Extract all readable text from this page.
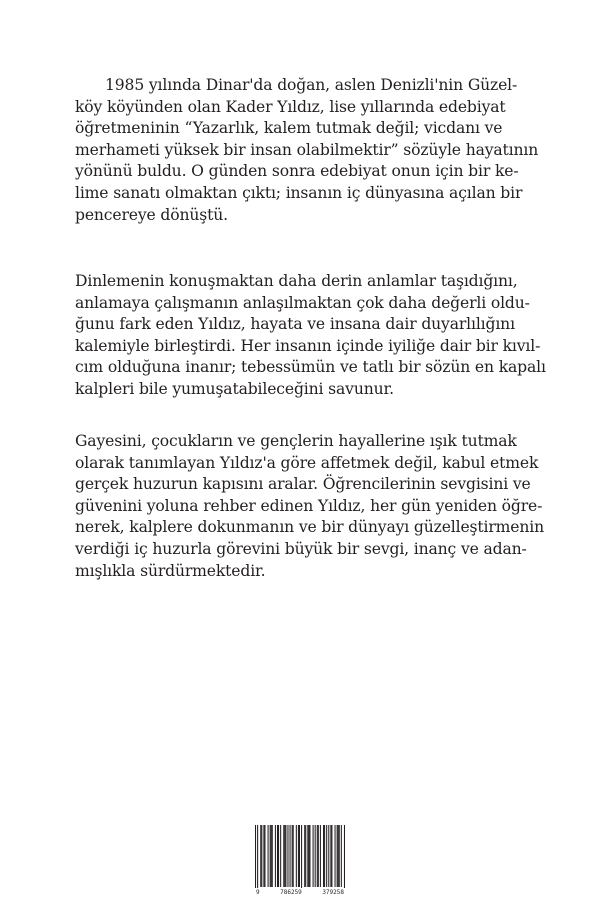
1985 yılında Dinar'da doğan, aslen Denizli'nin Güzel-
köy köyünden olan Kader Yıldız, lise yıllarında edebiyat
öğretmeninin “Yazarlık, kalem tutmak değil; vicdanı ve
merhameti yüksek bir insan olabilmektir” sözüyle hayatının
yönünü buldu. O günden sonra edebiyat onun için bir ke-
lime sanatı olmaktan çıktı; insanın iç dünyasına açılan bir
pencereye dönüştü.
Dinlemenin konuşmaktan daha derin anlamlar taşıdığını,
anlamaya çalışmanın anlaşılmaktan çok daha değerli oldu-
ğunu fark eden Yıldız, hayata ve insana dair duyarlılığını
kalemiyle birleştirdi. Her insanın içinde iyiliğe dair bir kıvıl-
cım olduğuna inanır; tebessümün ve tatlı bir sözün en kapalı
kalpleri bile yumuşatabileceğini savunur.
Gayesini, çocukların ve gençlerin hayallerine ışık tutmak
olarak tanımlayan Yıldız'a göre affetmek değil, kabul etmek
gerçek huzurun kapısını aralar. Öğrencilerinin sevgisini ve
güvenini yoluna rehber edinen Yıldız, her gün yeniden öğre-
nerek, kalplere dokunmanın ve bir dünyayı güzelleştirmenin
verdiği iç huzurla görevini büyük bir sevgi, inanç ve adan-
mışlıkla sürdürmektedir.
9	786259	379258
